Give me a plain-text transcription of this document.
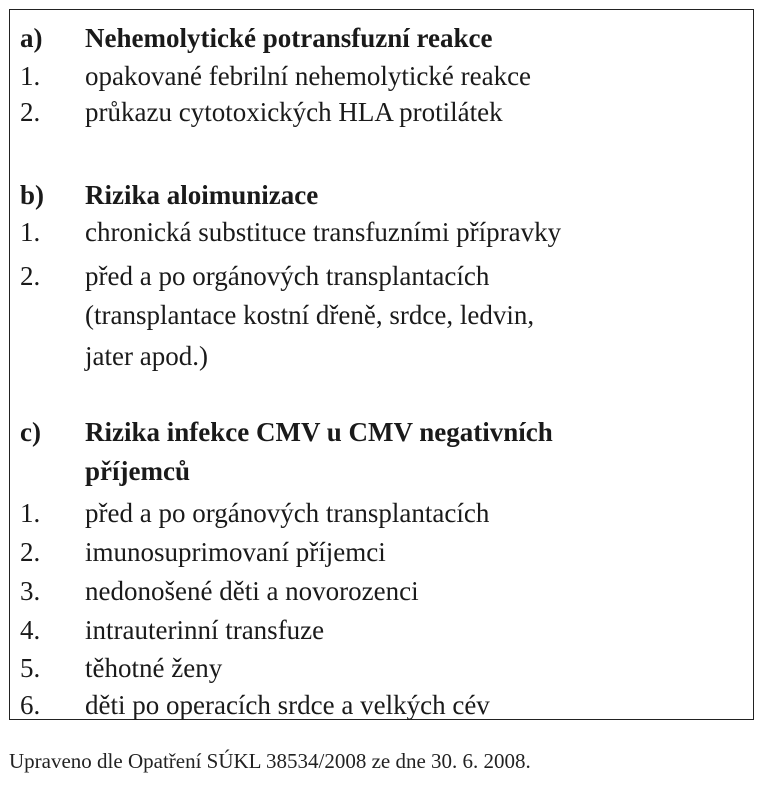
a) Nehemolytické potransfuzní reakce
1. opakované febrilní nehemolytické reakce
2. průkazu cytotoxických HLA protilátek
b) Rizika aloimunizace
1. chronická substituce transfuzními přípravky
2. před a po orgánových transplantacích
(transplantace kostní dřeně, srdce, ledvin,
jater apod.)
c) Rizika infekce CMV u CMV negativních
příjemců
1. před a po orgánových transplantacích
2. imunosuprimovaní příjemci
3. nedonošené děti a novorozenci
4. intrauterinní transfuze
5. těhotné ženy
6. děti po operacích srdce a velkých cév
Upraveno dle Opatření SÚKL 38534/2008 ze dne 30. 6. 2008.
